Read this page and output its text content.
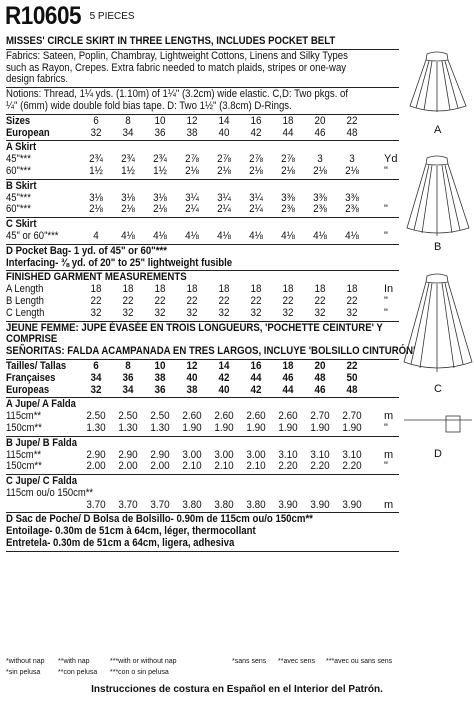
R10605 $^{5 PIECES}$
MISSES' CIRCLE SKIRT IN THREE LENGTHS, INCLUDES POCKET BELT
Fabrics: Sateen, Poplin, Chambray, Lightweight Cottons, Linens and Silky Types
such as Rayon, Crepes. Extra fabric needed to match plaids, stripes or one-way
design fabrics.
Notions: Thread, 1¼ yds. (1.10m) of 1¼" (3.2cm) wide elastic. C,D: Two pkgs. of
¼" (6mm) wide double fold bias tape. D: Two 1½" (3.8cm) D-Rings.
Sizes	6	8	10	12	14	16	18	20	22
European	32	34	36	38	40	42	44	46	48
A Skirt
45"***	2¾	2¾	2¾	2⅞	2⅞	2⅞	2⅞	3	3	Yd
60"***	1½	1½	1½	2⅛	2⅛	2⅛	2⅛	2⅛	2⅛	"
B Skirt
45"***	3⅛	3⅛	3⅛	3¼	3¼	3¼	3⅜	3⅜	3⅜
60"***	2⅛	2⅛	2⅛	2¼	2¼	2¼	2⅜	2⅜	2⅜	"
C Skirt
45" or 60"***	4	4⅛	4⅛	4⅛	4⅛	4⅛	4⅛	4⅛	4⅛	"
D Pocket Bag- 1 yd. of 45" or 60"***
Interfacing- ⅜ yd. of 20" to 25" lightweight fusible
FINISHED GARMENT MEASUREMENTS
A Length	18	18	18	18	18	18	18	18	18	In
B Length	22	22	22	22	22	22	22	22	22	"
C Length	32	32	32	32	32	32	32	32	32	"
JEUNE FEMME: JUPE ÉVASÉE EN TROIS LONGUEURS, 'POCHETTE CEINTURE' Y
COMPRISE
SEÑORITAS: FALDA ACAMPANADA EN TRES LARGOS, INCLUYE 'BOLSILLO CINTURÓN'
Tailles/ Tallas	6	8	10	12	14	16	18	20	22
Françaises	34	36	38	40	42	44	46	48	50
Europeas	32	34	36	38	40	42	44	46	48
A Jupe/ A Falda
115cm**	2.50	2.50	2.50	2.60	2.60	2.60	2.60	2.70	2.70	m
150cm**	1.30	1.30	1.30	1.90	1.90	1.90	1.90	1.90	1.90	"
B Jupe/ B Falda
115cm**	2.90	2.90	2.90	3.00	3.00	3.00	3.10	3.10	3.10	m
150cm**	2.00	2.00	2.00	2.10	2.10	2.10	2.20	2.20	2.20	"
C Jupe/ C Falda
115cm ou/o 150cm**
3.70	3.70	3.70	3.80	3.80	3.80	3.90	3.90	3.90	m
D Sac de Poche/ D Bolsa de Bolsillo- 0.90m de 115cm ou/o 150cm**
Entoilage- 0.30m de 51cm à 64cm, léger, thermocollant
Entretela- 0.30m de 51cm a 64cm, ligera, adhesiva
A
B
C
D
*without nap **with nap	***with or without nap	*sans sens **avec sens ***avec ou sans sens
*sin pelusa	**con pelusa ***con o sin pelusa
Instrucciones de costura en Español en el Interior del Patrón.
